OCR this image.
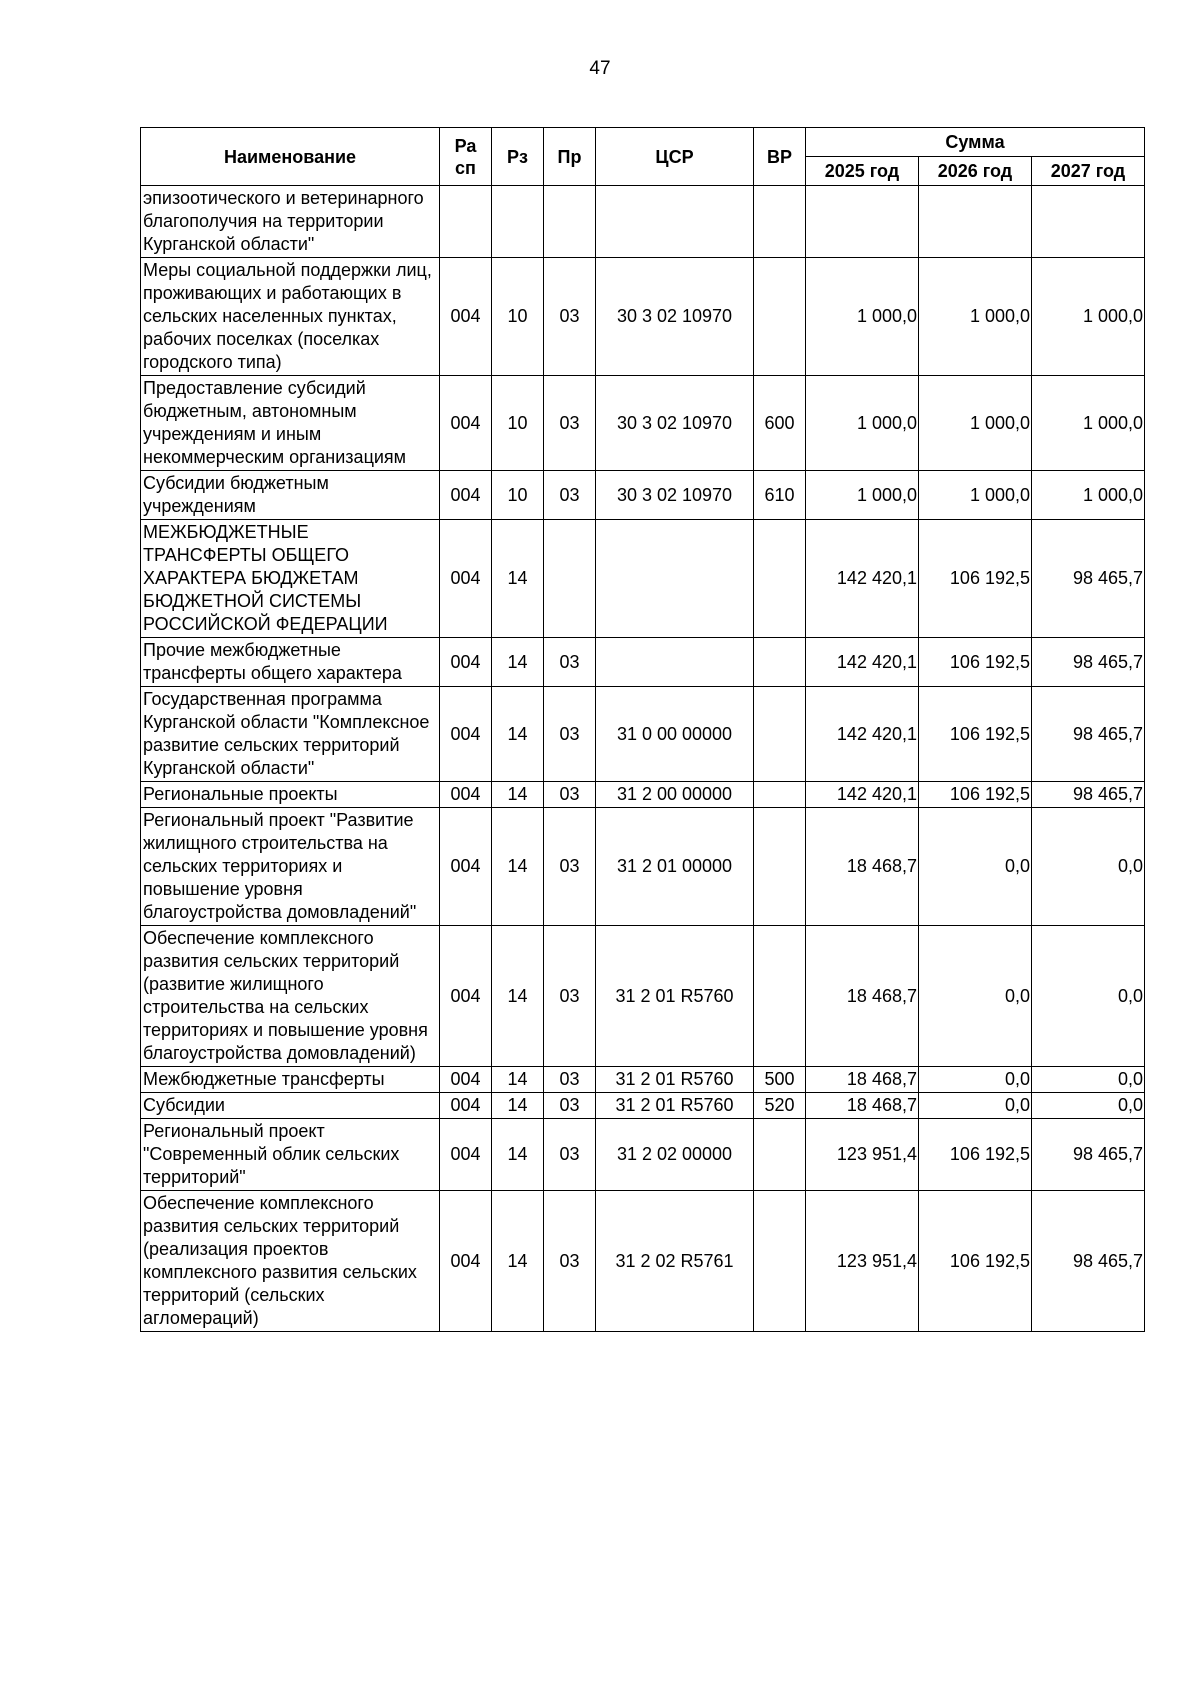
47
Наименование	Ра сп	Рз	Пр	ЦСР	ВР	Сумма		
						2025 год	2026 год	2027 год
эпизоотического и ветеринарного благополучия на территории Курганской области"								
Меры социальной поддержки лиц, проживающих и работающих в сельских населенных пунктах, рабочих поселках (поселках городского типа)	004	10	03	30 3 02 10970		1 000,0	1 000,0	1 000,0
Предоставление субсидий бюджетным, автономным учреждениям и иным некоммерческим организациям	004	10	03	30 3 02 10970	600	1 000,0	1 000,0	1 000,0
Субсидии бюджетным учреждениям	004	10	03	30 3 02 10970	610	1 000,0	1 000,0	1 000,0
МЕЖБЮДЖЕТНЫЕ ТРАНСФЕРТЫ ОБЩЕГО ХАРАКТЕРА БЮДЖЕТАМ БЮДЖЕТНОЙ СИСТЕМЫ РОССИЙСКОЙ ФЕДЕРАЦИИ	004	14				142 420,1	106 192,5	98 465,7
Прочие межбюджетные трансферты общего характера	004	14	03			142 420,1	106 192,5	98 465,7
Государственная программа Курганской области "Комплексное развитие сельских территорий Курганской области"	004	14	03	31 0 00 00000		142 420,1	106 192,5	98 465,7
Региональные проекты	004	14	03	31 2 00 00000		142 420,1	106 192,5	98 465,7
Региональный проект "Развитие жилищного строительства на сельских территориях и повышение уровня благоустройства домовладений"	004	14	03	31 2 01 00000		18 468,7	0,0	0,0
Обеспечение комплексного развития сельских территорий (развитие жилищного строительства на сельских территориях и повышение уровня благоустройства домовладений)	004	14	03	31 2 01 R5760		18 468,7	0,0	0,0
Межбюджетные трансферты	004	14	03	31 2 01 R5760	500	18 468,7	0,0	0,0
Субсидии	004	14	03	31 2 01 R5760	520	18 468,7	0,0	0,0
Региональный проект "Современный облик сельских территорий"	004	14	03	31 2 02 00000		123 951,4	106 192,5	98 465,7
Обеспечение комплексного развития сельских территорий (реализация проектов комплексного развития сельских территорий (сельских агломераций)	004	14	03	31 2 02 R5761		123 951,4	106 192,5	98 465,7
